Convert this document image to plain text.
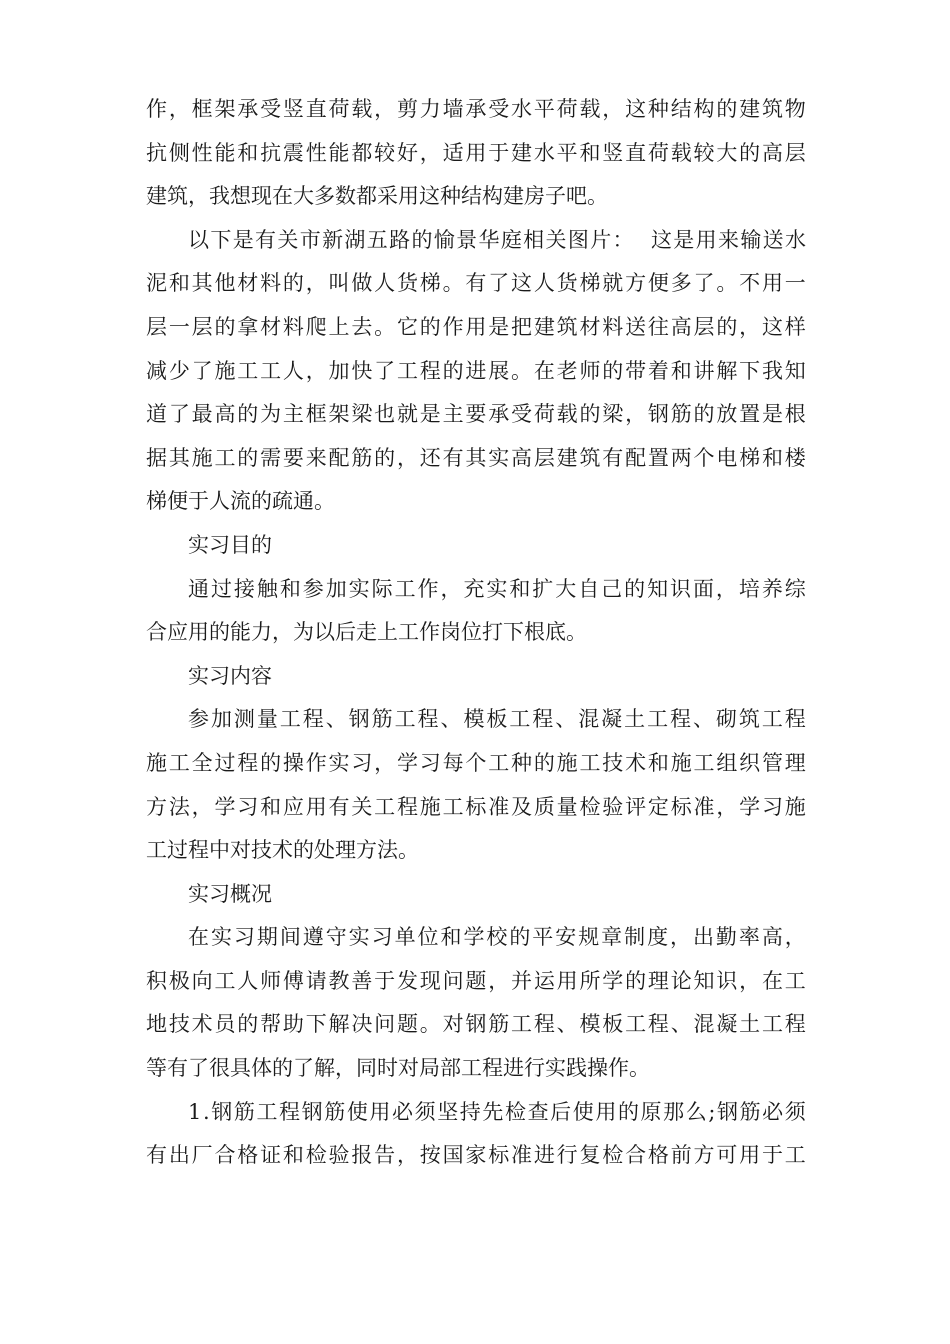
作 ， 框 架 承 受 竖 直 荷 载 ， 剪 力 墙 承 受 水 平 荷 载 ， 这 种 结 构 的 建 筑 物
抗 侧 性 能 和 抗 震 性 能 都 较 好 ， 适 用 于 建 水 平 和 竖 直 荷 载 较 大 的 高 层
建筑，我想现在大多数都采用这种结构建房子吧。
以 下 是 有 关 市 新 湖 五 路 的 愉 景 华 庭 相 关 图 片 ：

这 是 用 来 输 送 水
泥 和 其 他 材 料 的 ， 叫 做 人 货 梯 。 有 了 这 人 货 梯 就 方 便 多 了 。 不 用 一
层 一 层 的 拿 材 料 爬 上 去 。 它 的 作 用 是 把 建 筑 材 料 送 往 高 层 的 ， 这 样
减 少 了 施 工 工 人 ， 加 快 了 工 程 的 进 展 。 在 老 师 的 带 着 和 讲 解 下 我 知
道 了 最 高 的 为 主 框 架 梁 也 就 是 主 要 承 受 荷 载 的 梁 ， 钢 筋 的 放 置 是 根
据 其 施 工 的 需 要 来 配 筋 的 ， 还 有 其 实 高 层 建 筑 有 配 置 两 个 电 梯 和 楼
梯便于人流的疏通。
实习目的
通 过 接 触 和 参 加 实 际 工 作 ， 充 实 和 扩 大 自 己 的 知 识 面 ， 培 养 综
合应用的能力，为以后走上工作岗位打下根底。
实习内容
参 加 测 量 工 程 、 钢 筋 工 程 、 模 板 工 程 、 混 凝 土 工 程 、 砌 筑 工 程
施 工 全 过 程 的 操 作 实 习 ， 学 习 每 个 工 种 的 施 工 技 术 和 施 工 组 织 管 理
方 法 ， 学 习 和 应 用 有 关 工 程 施 工 标 准 及 质 量 检 验 评 定 标 准 ， 学 习 施
工过程中对技术的处理方法。
实习概况
在 实 习 期 间 遵 守 实 习 单 位 和 学 校 的 平 安 规 章 制 度 ， 出 勤 率 高 ，
积 极 向 工 人 师 傅 请 教 善 于 发 现 问 题 ， 并 运 用 所 学 的 理 论 知 识 ， 在 工
地 技 术 员 的 帮 助 下 解 决 问 题 。 对 钢 筋 工 程 、 模 板 工 程 、 混 凝 土 工 程
等有了很具体的了解，同时对局部工程进行实践操作。
1 . 钢 筋 工 程 钢 筋 使 用 必 须 坚 持 先 检 查 后 使 用 的 原 那 么 ; 钢 筋 必 须
有 出 厂 合 格 证 和 检 验 报 告 ， 按 国 家 标 准 进 行 复 检 合 格 前 方 可 用 于 工
